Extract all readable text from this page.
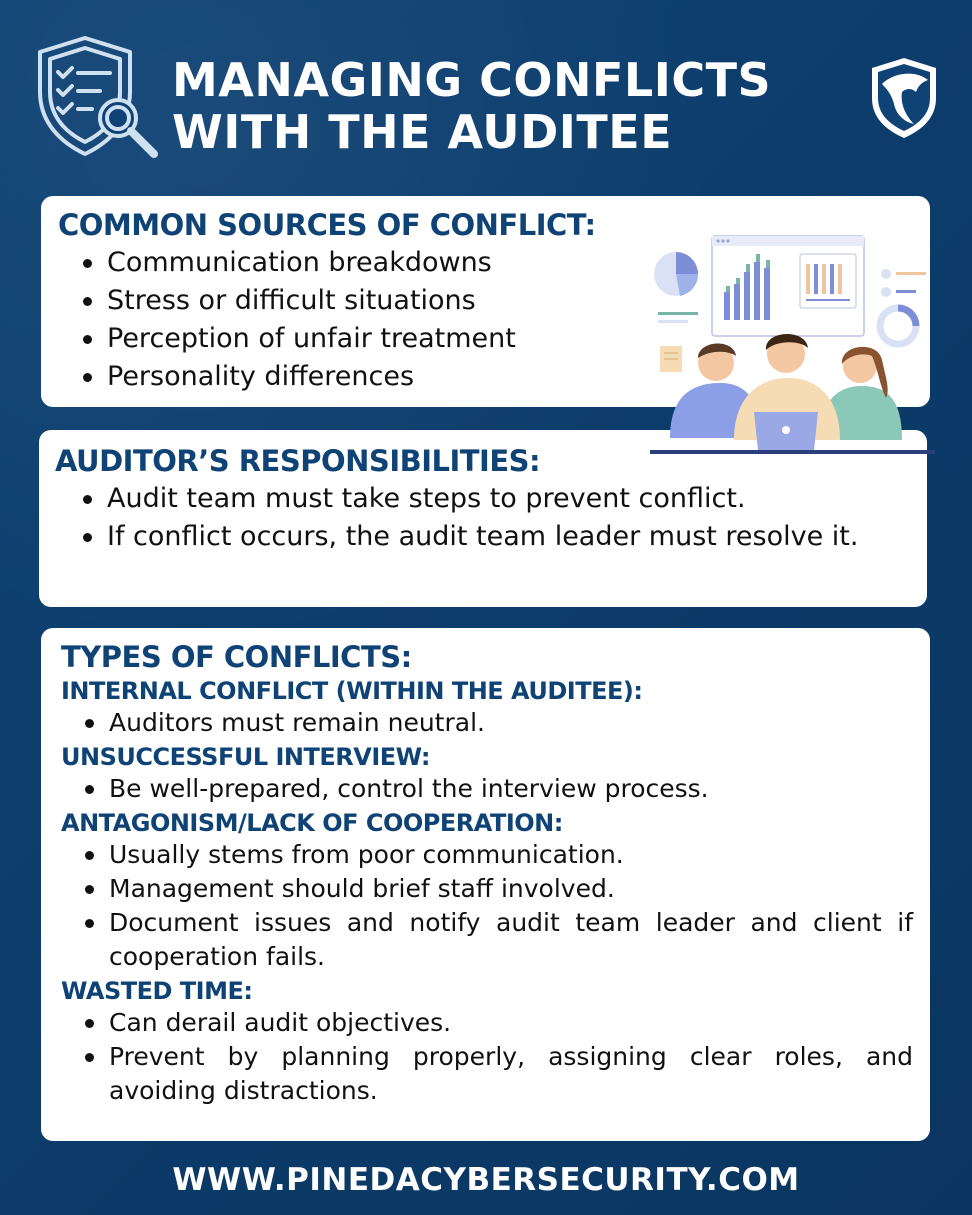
MANAGING CONFLICTS
WITH THE AUDITEE
COMMON SOURCES OF CONFLICT:
Communication breakdowns
Stress or difficult situations
Perception of unfair treatment
Personality differences
AUDITOR’S RESPONSIBILITIES:
Audit team must take steps to prevent conflict.
If conflict occurs, the audit team leader must resolve it.
TYPES OF CONFLICTS:
INTERNAL CONFLICT (WITHIN THE AUDITEE):
Auditors must remain neutral.
UNSUCCESSFUL INTERVIEW:
Be well-prepared, control the interview process.
ANTAGONISM/LACK OF COOPERATION:
Usually stems from poor communication.
Management should brief staff involved.
Document issues and notify audit team leader and client if cooperation fails.
WASTED TIME:
Can derail audit objectives.
Prevent by planning properly, assigning clear roles, and avoiding distractions.
WWW.PINEDACYBERSECURITY.COM
